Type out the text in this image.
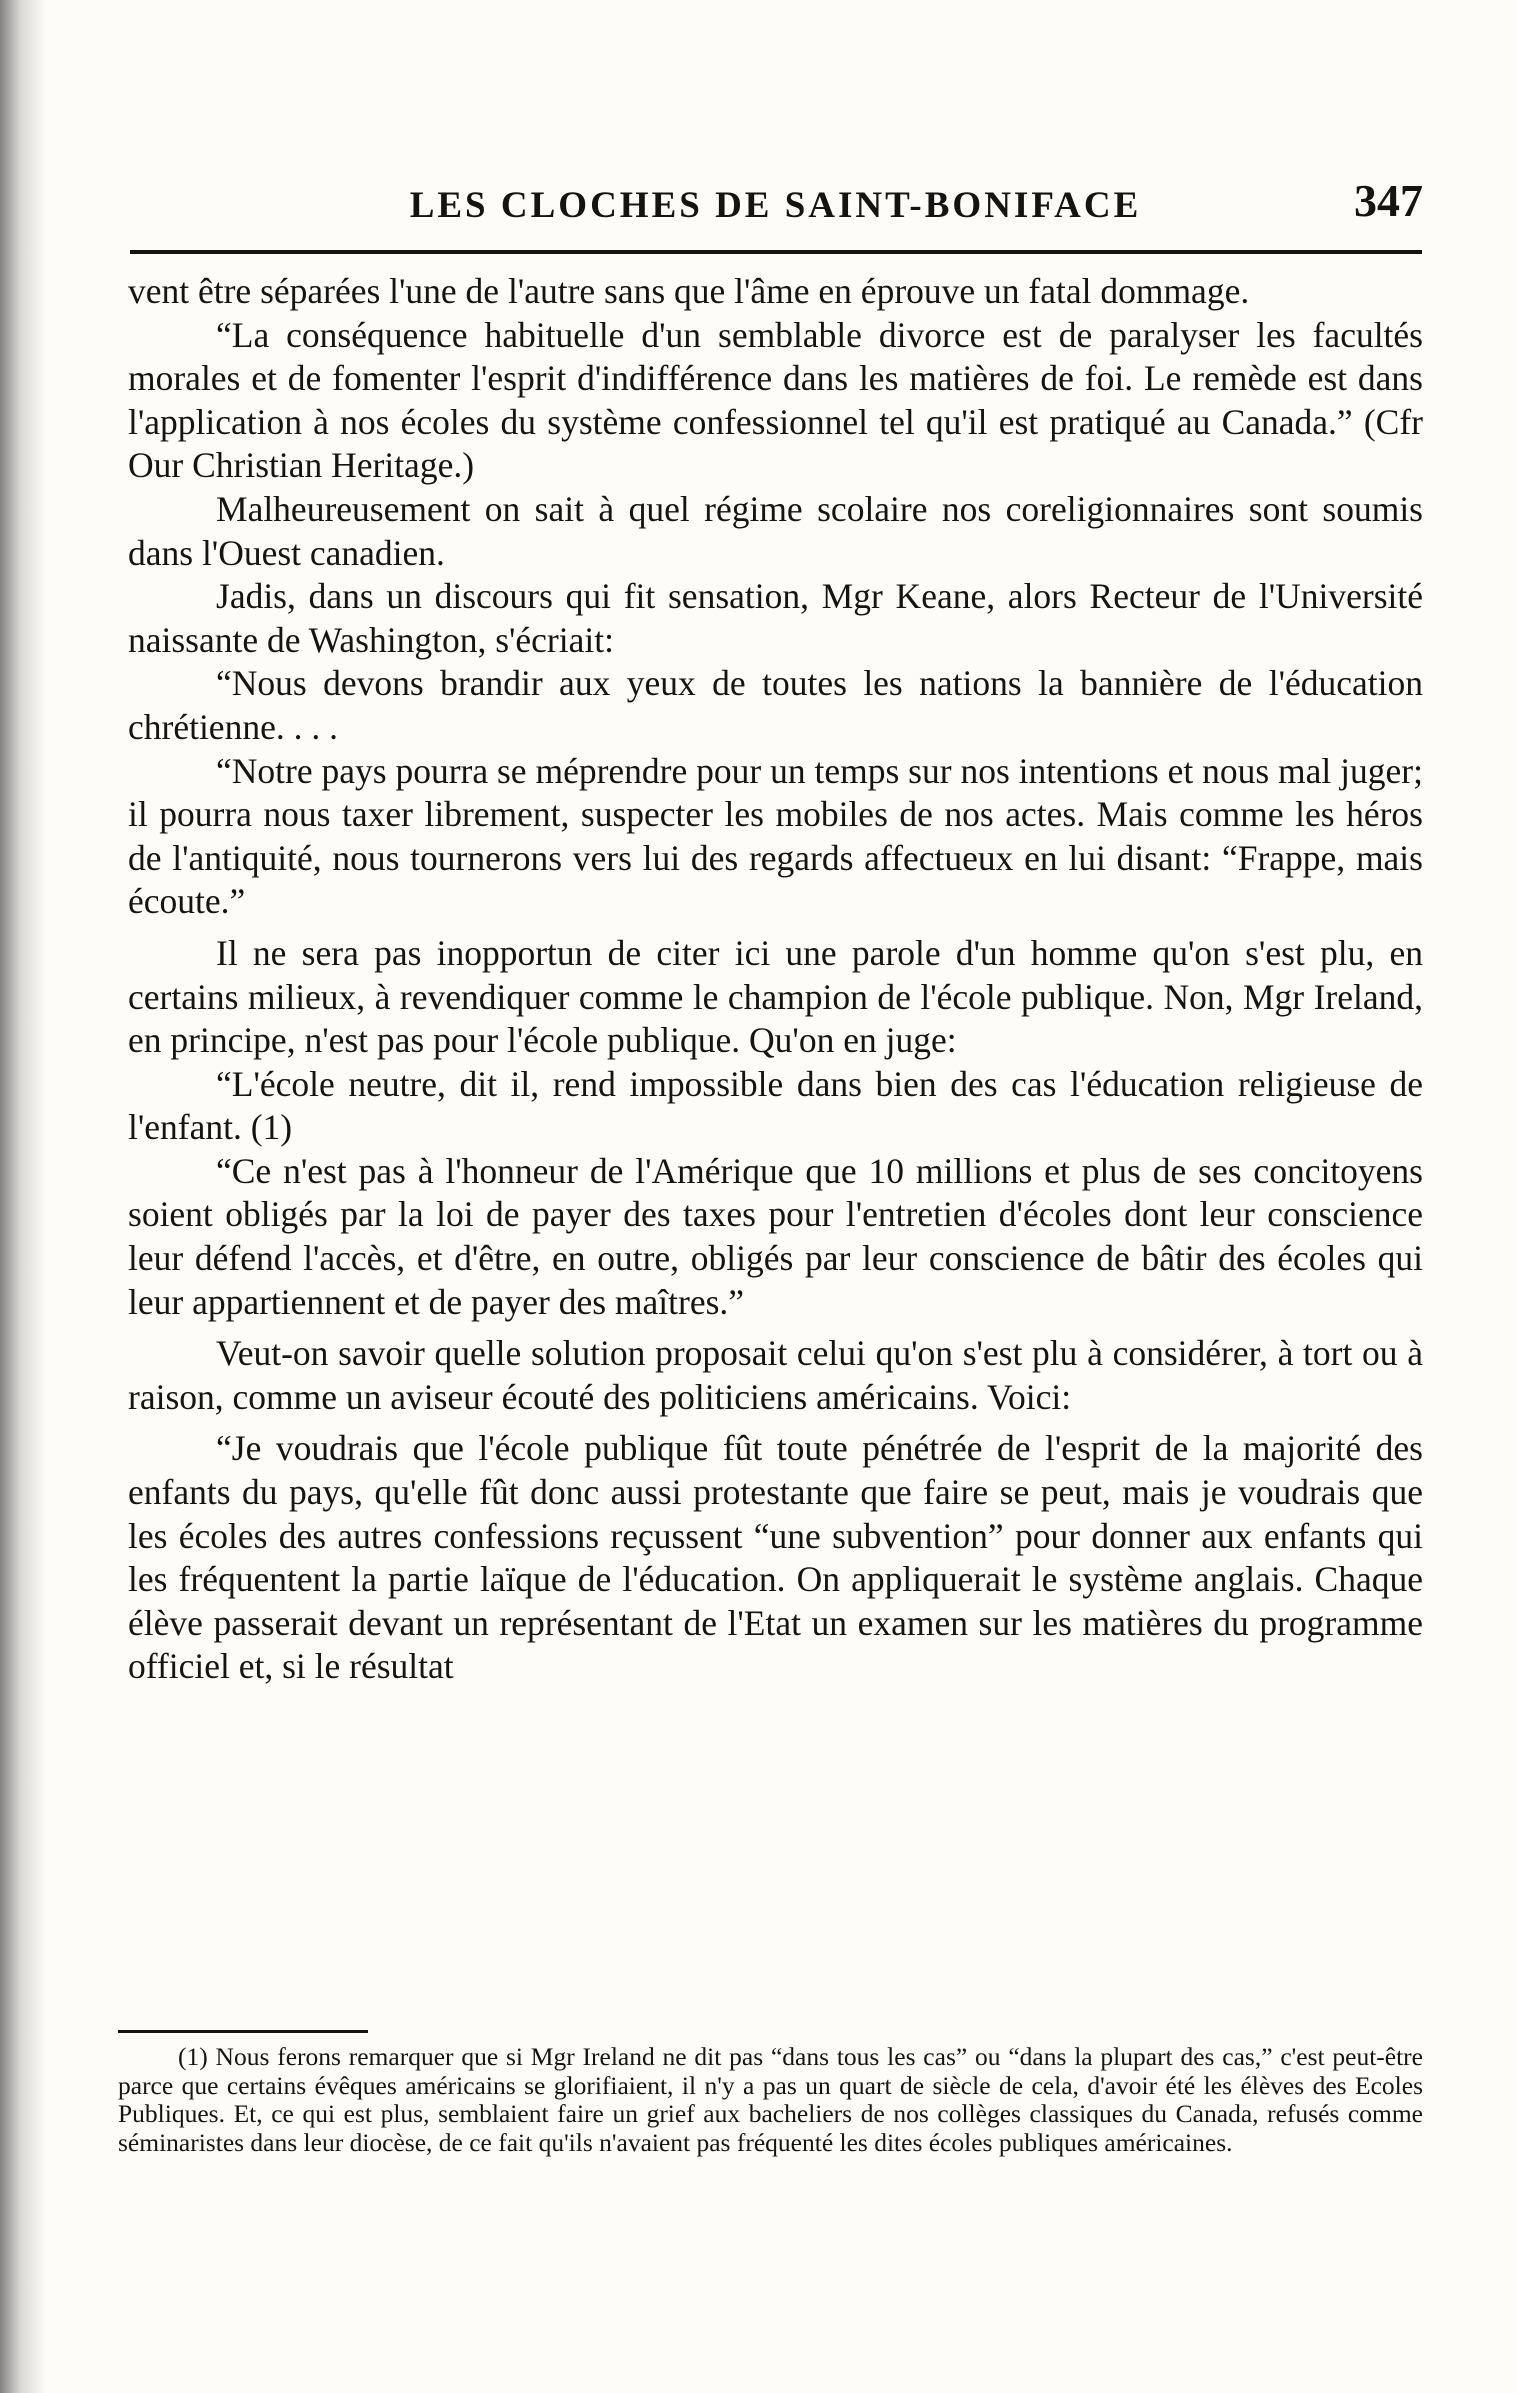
LES CLOCHES DE SAINT-BONIFACE	347

vent être séparées l'une de l'autre sans que l'âme en éprouve un fatal dommage.

“La conséquence habituelle d'un semblable divorce est de paralyser les facultés morales et de fomenter l'esprit d'indifférence dans les matières de foi. Le remède est dans l'application à nos écoles du système confessionnel tel qu'il est pratiqué au Canada.” (Cfr Our Christian Heritage.)

Malheureusement on sait à quel régime scolaire nos coreligionnaires sont soumis dans l'Ouest canadien.

Jadis, dans un discours qui fit sensation, Mgr Keane, alors Recteur de l'Université naissante de Washington, s'écriait:

“Nous devons brandir aux yeux de toutes les nations la bannière de l'éducation chrétienne. . . .

“Notre pays pourra se méprendre pour un temps sur nos intentions et nous mal juger; il pourra nous taxer librement, suspecter les mobiles de nos actes. Mais comme les héros de l'antiquité, nous tournerons vers lui des regards affectueux en lui disant: “Frappe, mais écoute.”

Il ne sera pas inopportun de citer ici une parole d'un homme qu'on s'est plu, en certains milieux, à revendiquer comme le champion de l'école publique. Non, Mgr Ireland, en principe, n'est pas pour l'école publique. Qu'on en juge:

“L'école neutre, dit il, rend impossible dans bien des cas l'éducation religieuse de l'enfant. (1)

“Ce n'est pas à l'honneur de l'Amérique que 10 millions et plus de ses concitoyens soient obligés par la loi de payer des taxes pour l'entretien d'écoles dont leur conscience leur défend l'accès, et d'être, en outre, obligés par leur conscience de bâtir des écoles qui leur appartiennent et de payer des maîtres.”

Veut-on savoir quelle solution proposait celui qu'on s'est plu à considérer, à tort ou à raison, comme un aviseur écouté des politiciens américains. Voici:

“Je voudrais que l'école publique fût toute pénétrée de l'esprit de la majorité des enfants du pays, qu'elle fût donc aussi protestante que faire se peut, mais je voudrais que les écoles des autres confessions reçussent “une subvention” pour donner aux enfants qui les fréquentent la partie laïque de l'éducation. On appliquerait le système anglais. Chaque élève passerait devant un représentant de l'Etat un examen sur les matières du programme officiel et, si le résultat

(1) Nous ferons remarquer que si Mgr Ireland ne dit pas “dans tous les cas” ou “dans la plupart des cas,” c'est peut-être parce que certains évêques américains se glorifiaient, il n'y a pas un quart de siècle de cela, d'avoir été les élèves des Ecoles Publiques. Et, ce qui est plus, semblaient faire un grief aux bacheliers de nos collèges classiques du Canada, refusés comme séminaristes dans leur diocèse, de ce fait qu'ils n'avaient pas fréquenté les dites écoles publiques américaines.
